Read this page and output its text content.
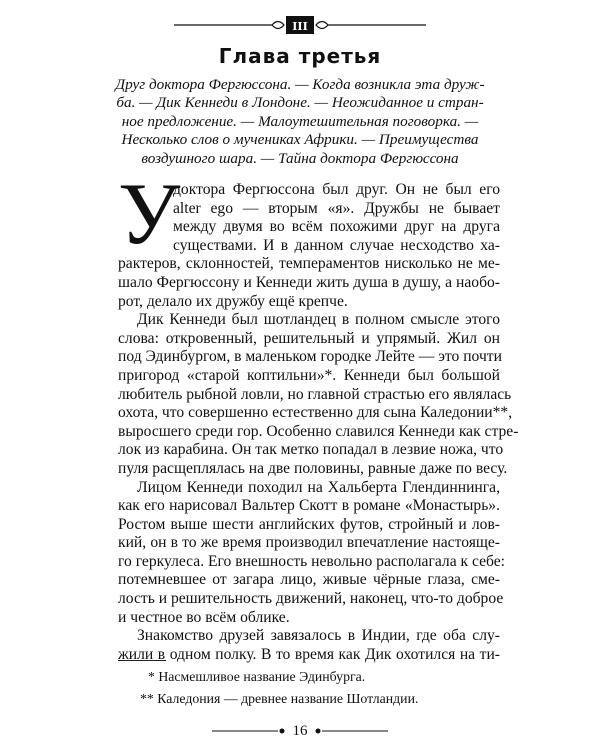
III
Глава третья
Друг доктора Фергюссона. — Когда возникла эта друж-
ба. — Дик Кеннеди в Лондоне. — Неожиданное и стран-
ное предложение. — Малоутешительная поговорка. —
Несколько слов о мучениках Африки. — Преимущества
воздушного шара. — Тайна доктора Фергюссона
У
доктора Фергюссона был друг. Он не был его
alter ego — вторым «я». Дружбы не бывает
между двумя во всём похожими друг на друга
существами. И в данном случае несходство ха-
рактеров, склонностей, темпераментов нисколько не ме-
шало Фергюссону и Кеннеди жить душа в душу, а наобо-
рот, делало их дружбу ещё крепче.
Дик Кеннеди был шотландец в полном смысле этого
слова: откровенный, решительный и упрямый. Жил он
под Эдинбургом, в маленьком городке Лейте — это почти
пригород «старой коптильни»*. Кеннеди был большой
любитель рыбной ловли, но главной страстью его являлась
охота, что совершенно естественно для сына Каледонии**,
выросшего среди гор. Особенно славился Кеннеди как стре-
лок из карабина. Он так метко попадал в лезвие ножа, что
пуля расщеплялась на две половины, равные даже по весу.
Лицом Кеннеди походил на Хальберта Глендиннинга,
как его нарисовал Вальтер Скотт в романе «Монастырь».
Ростом выше шести английских футов, стройный и лов-
кий, он в то же время производил впечатление настояще-
го геркулеса. Его внешность невольно располагала к себе:
потемневшее от загара лицо, живые чёрные глаза, сме-
лость и решительность движений, наконец, что-то доброе
и честное во всём облике.
Знакомство друзей завязалось в Индии, где оба слу-
жили в одном полку. В то время как Дик охотился на ти-
* Насмешливое название Эдинбурга.
** Каледония — древнее название Шотландии.
16
